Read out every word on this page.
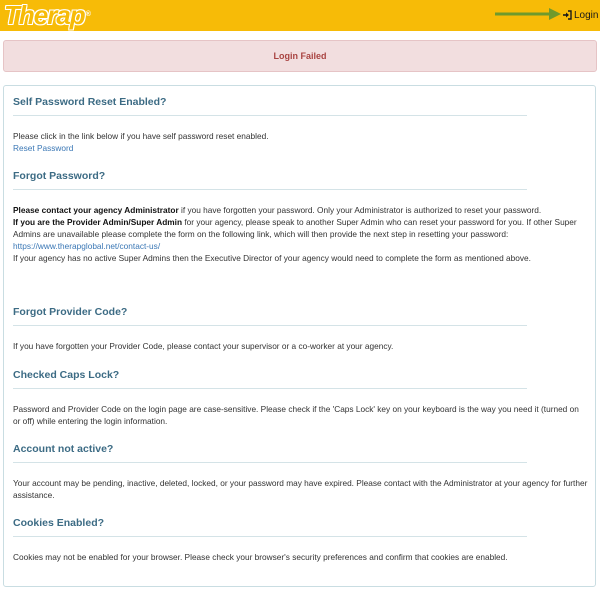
Therap®	Login
Login Failed
Self Password Reset Enabled?

Please click in the link below if you have self password reset enabled.

Reset Password

Forgot Password?

Please contact your agency Administrator if you have forgotten your password. Only your Administrator is authorized to reset your password.

If you are the Provider Admin/Super Admin for your agency, please speak to another Super Admin who can reset your password for you. If other Super Admins are unavailable please complete the form on the following link, which will then provide the next step in resetting your password:

https://www.therapglobal.net/contact-us/

If your agency has no active Super Admins then the Executive Director of your agency would need to complete the form as mentioned above.

Forgot Provider Code?

If you have forgotten your Provider Code, please contact your supervisor or a co-worker at your agency.

Checked Caps Lock?

Password and Provider Code on the login page are case-sensitive. Please check if the 'Caps Lock' key on your keyboard is the way you need it (turned on or off) while entering the login information.

Account not active?

Your account may be pending, inactive, deleted, locked, or your password may have expired. Please contact with the Administrator at your agency for further assistance.

Cookies Enabled?

Cookies may not be enabled for your browser. Please check your browser's security preferences and confirm that cookies are enabled.
